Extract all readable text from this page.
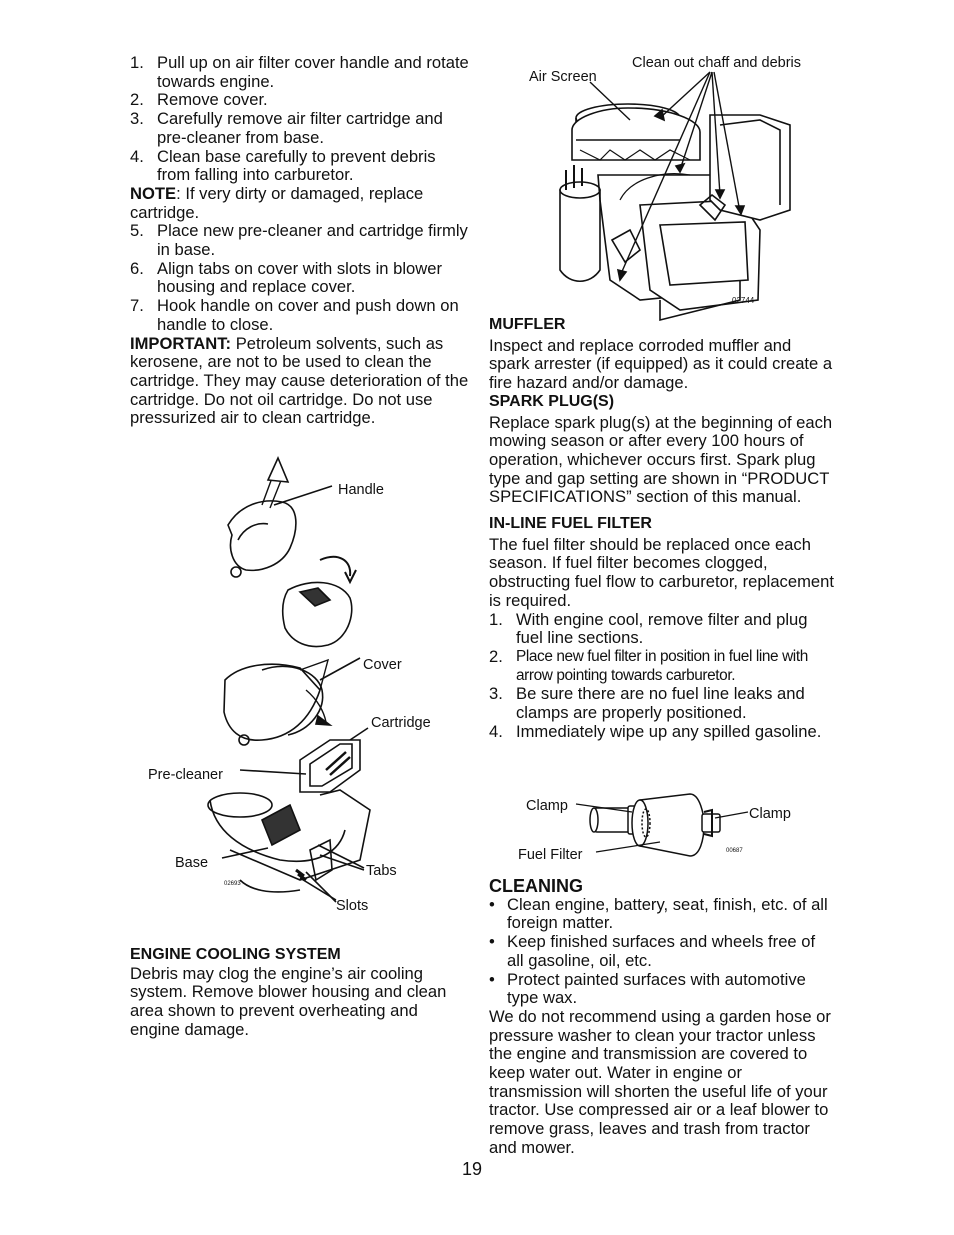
1. Pull up on air filter cover handle and rotate towards engine.
2. Remove cover.
3. Carefully remove air filter cartridge and pre-cleaner from base.
4. Clean base carefully to prevent debris from falling into carburetor.

NOTE: If very dirty or damaged, replace cartridge.

5. Place new pre-cleaner and cartridge firmly in base.
6. Align tabs on cover with slots in blower housing and replace cover.
7. Hook handle on cover and push down on handle to close.

IMPORTANT: Petroleum solvents, such as kerosene, are not to be used to clean the cartridge. They may cause deterioration of the cartridge. Do not oil cartridge. Do not use pressurized air to clean cartridge.

Handle
Cover
Cartridge
Pre-cleaner
Base	Tabs
Slots
02693
ENGINE COOLING SYSTEM

Debris may clog the engine’s air cooling system. Remove blower housing and clean area shown to prevent overheating and engine damage.

Air Screen
Clean out chaff and debris
02744
MUFFLER

Inspect and replace corroded muffler and spark arrester (if equipped) as it could create a fire hazard and/or damage.

SPARK PLUG(S)

Replace spark plug(s) at the beginning of each mowing season or after every 100 hours of operation, whichever occurs first. Spark plug type and gap setting are shown in “PRODUCT SPECIFICATIONS” section of this manual.

IN-LINE FUEL FILTER

The fuel filter should be replaced once each season. If fuel filter becomes clogged, obstructing fuel flow to carburetor, replacement is required.

1. With engine cool, remove filter and plug fuel line sections.
2. Place new fuel filter in position in fuel line with arrow pointing towards carburetor.
3. Be sure there are no fuel line leaks and clamps are properly positioned.
4. Immediately wipe up any spilled gasoline.
Clamp	Clamp
Fuel Filter	00687
CLEANING
• Clean engine, battery, seat, finish, etc. of all foreign matter.
• Keep finished surfaces and wheels free of all gasoline, oil, etc.
• Protect painted surfaces with automotive type wax.

We do not recommend using a garden hose or pressure washer to clean your tractor unless the engine and transmission are covered to keep water out. Water in engine or transmission will shorten the useful life of your tractor. Use compressed air or a leaf blower to remove grass, leaves and trash from tractor and mower.

19
